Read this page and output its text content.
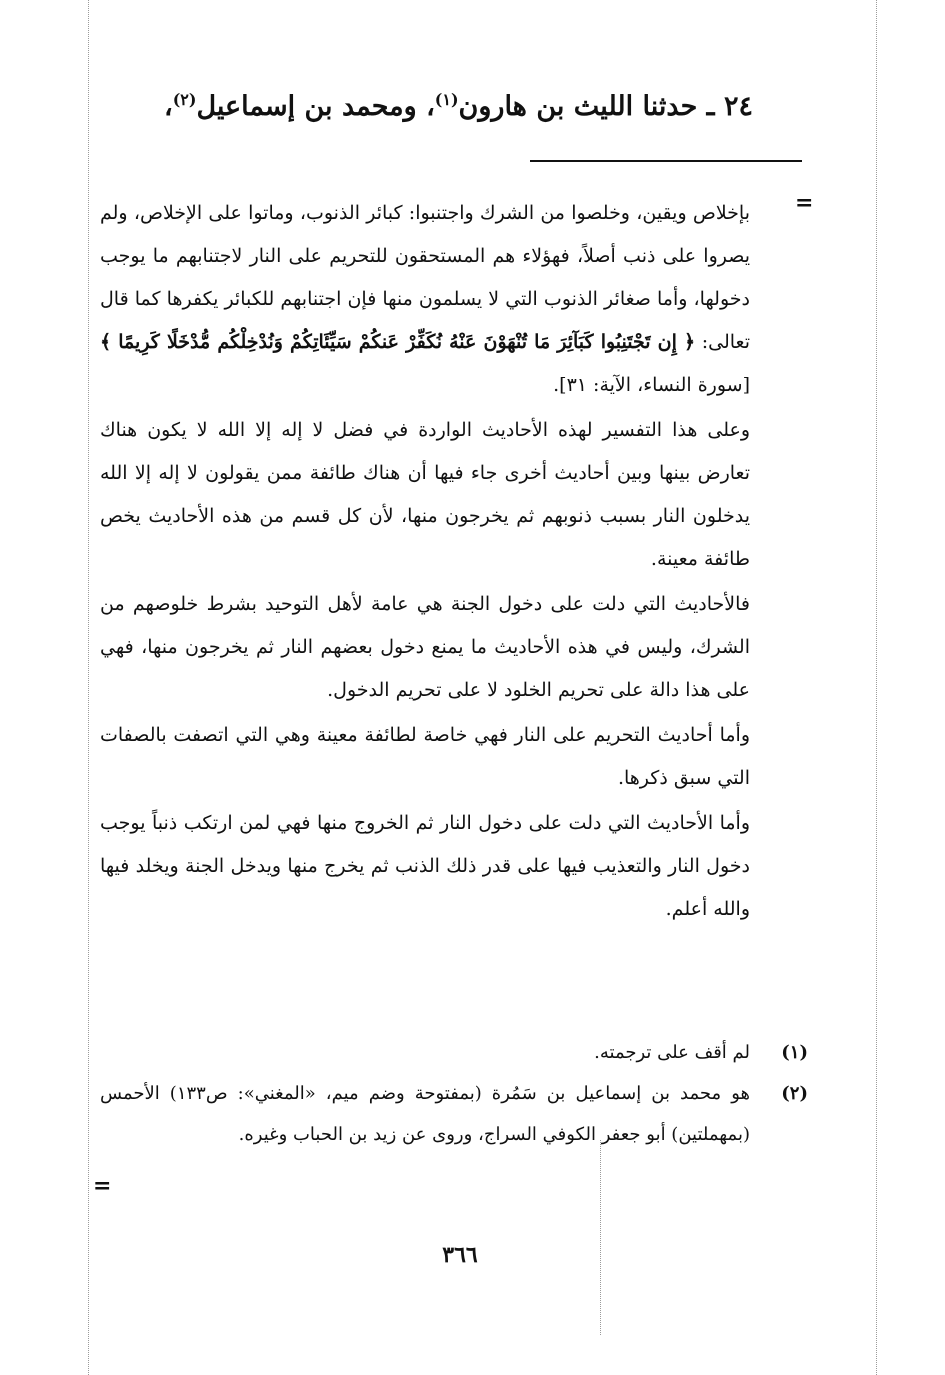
٢٤ ـ حدثنا الليث بن هارون$^{(١)}$، ومحمد بن إسماعيل$^{(٢)}$،
=

بإخلاص ويقين، وخلصوا من الشرك واجتنبوا: كبائر الذنوب، وماتوا على الإخلاص، ولم يصروا على ذنب أصلاً، فهؤلاء هم المستحقون للتحريم على النار لاجتنابهم ما يوجب دخولها، وأما صغائر الذنوب التي لا يسلمون منها فإن اجتنابهم للكبائر يكفرها كما قال تعالى: ﴿ إِن تَجْتَنِبُوا كَبَآئِرَ مَا تُنْهَوْنَ عَنْهُ نُكَفِّرْ عَنكُمْ سَيِّئَاتِكُمْ وَنُدْخِلْكُم مُّدْخَلًا كَرِيمًا ﴾ [سورة النساء، الآية: ٣١].

وعلى هذا التفسير لهذه الأحاديث الواردة في فضل لا إله إلا الله لا يكون هناك تعارض بينها وبين أحاديث أخرى جاء فيها أن هناك طائفة ممن يقولون لا إله إلا الله يدخلون النار بسبب ذنوبهم ثم يخرجون منها، لأن كل قسم من هذه الأحاديث يخص طائفة معينة.

فالأحاديث التي دلت على دخول الجنة هي عامة لأهل التوحيد بشرط خلوصهم من الشرك، وليس في هذه الأحاديث ما يمنع دخول بعضهم النار ثم يخرجون منها، فهي على هذا دالة على تحريم الخلود لا على تحريم الدخول.

وأما أحاديث التحريم على النار فهي خاصة لطائفة معينة وهي التي اتصفت بالصفات التي سبق ذكرها.

وأما الأحاديث التي دلت على دخول النار ثم الخروج منها فهي لمن ارتكب ذنباً يوجب دخول النار والتعذيب فيها على قدر ذلك الذنب ثم يخرج منها ويدخل الجنة ويخلد فيها والله أعلم.

(١)

لم أقف على ترجمته.

(٢)

هو محمد بن إسماعيل بن سَمُرة (بمفتوحة وضم ميم، «المغني»: ص١٣٣) الأحمس (بمهملتين) أبو جعفر الكوفي السراج، وروى عن زيد بن الحباب وغيره.

=
٣٦٦
